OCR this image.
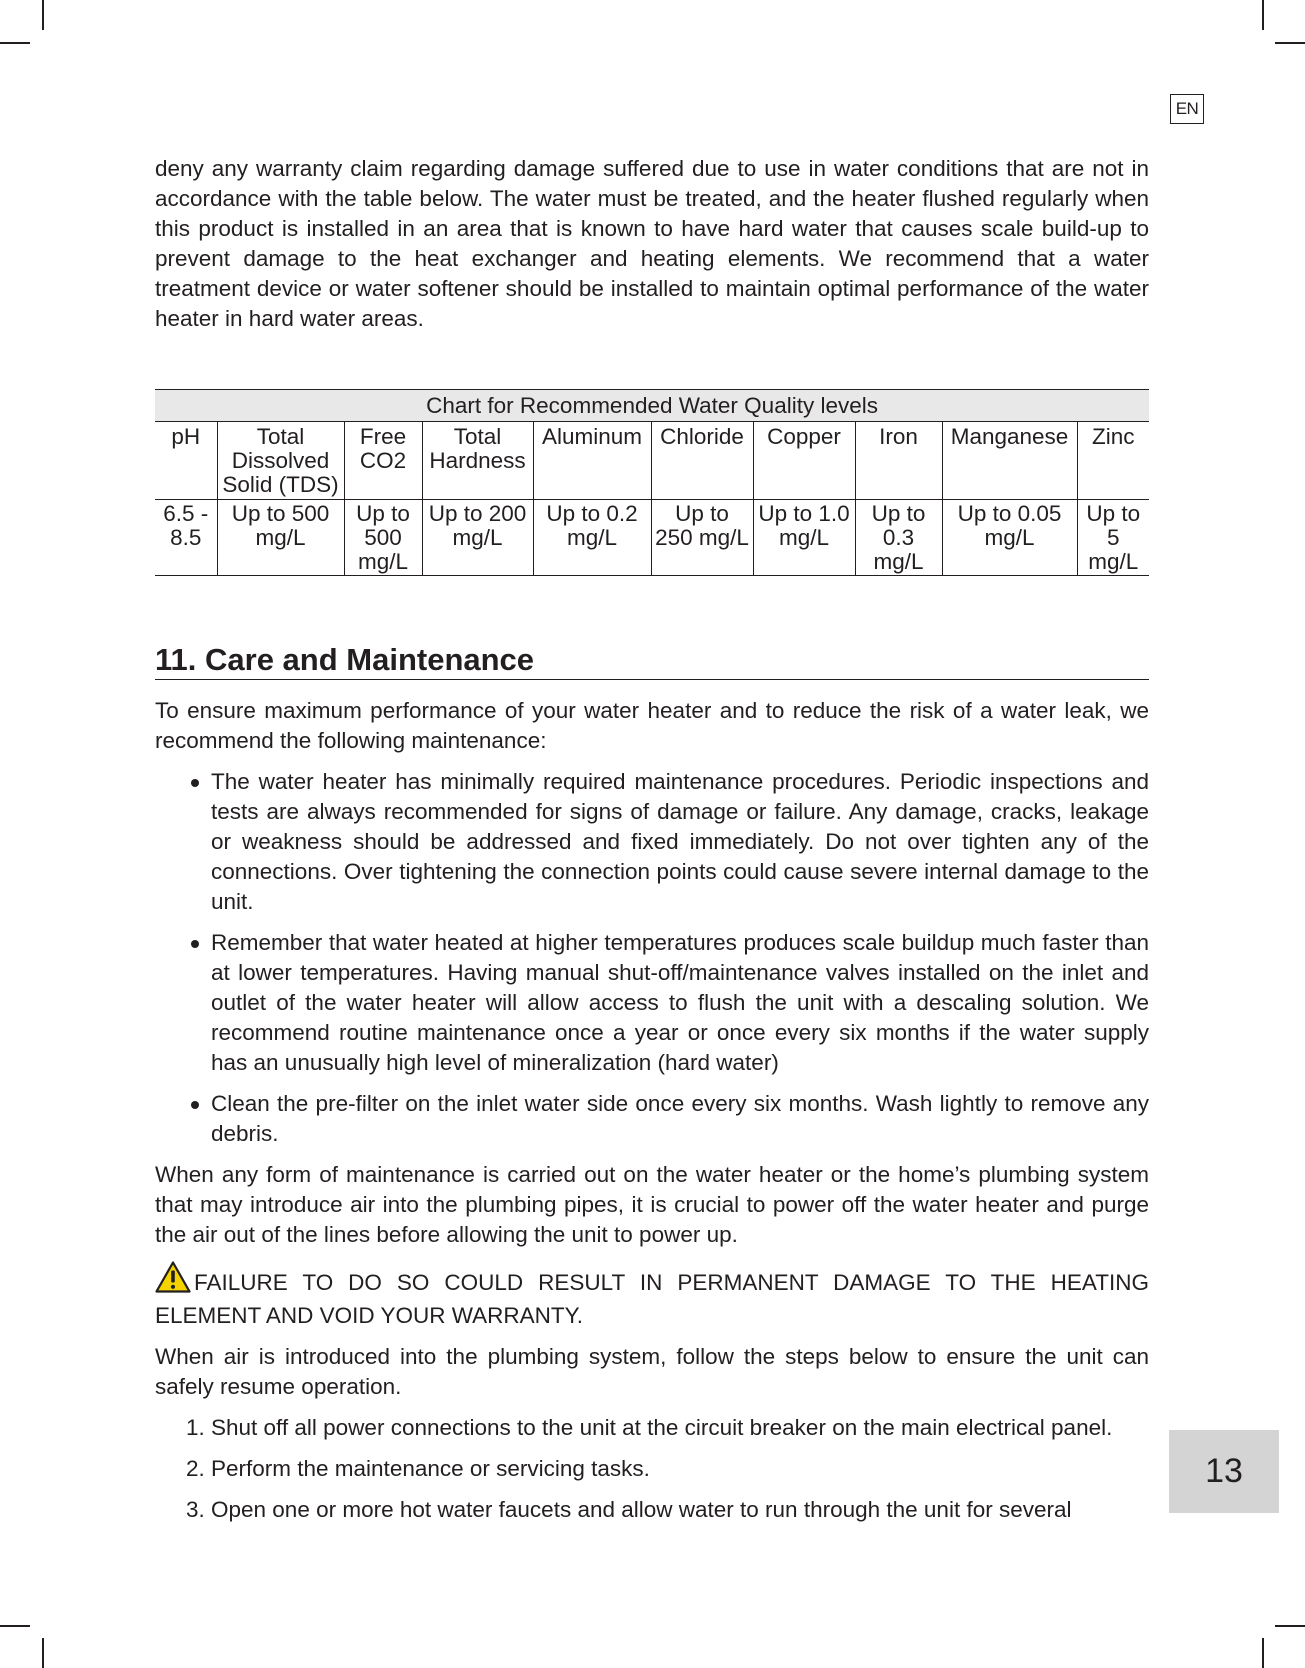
EN
13

deny any warranty claim regarding damage suffered due to use in water conditions that are not in accordance with the table below. The water must be treated, and the heater flushed regularly when this product is installed in an area that is known to have hard water that causes scale build-up to prevent damage to the heat exchanger and heating elements. We recommend that a water treatment device or water softener should be installed to maintain optimal performance of the water heater in hard water areas.

Chart for Recommended Water Quality levels									
pH	Total Dissolved Solid (TDS)	Free CO2	Total Hardness	Aluminum	Chloride	Copper	Iron	Manganese	Zinc
6.5 - 8.5	Up to 500 mg/L	Up to 500 mg/L	Up to 200 mg/L	Up to 0.2 mg/L	Up to 250 mg/L	Up to 1.0 mg/L	Up to 0.3 mg/L	Up to 0.05 mg/L	Up to 5 mg/L
11. Care and Maintenance

To ensure maximum performance of your water heater and to reduce the risk of a water leak, we recommend the following maintenance:

The water heater has minimally required maintenance procedures. Periodic inspections and tests are always recommended for signs of damage or failure. Any damage, cracks, leakage or weakness should be addressed and fixed immediately. Do not over tighten any of the connections. Over tightening the connection points could cause severe internal damage to the unit.
Remember that water heated at higher temperatures produces scale buildup much faster than at lower temperatures. Having manual shut-off/maintenance valves installed on the inlet and outlet of the water heater will allow access to flush the unit with a descaling solution. We recommend routine maintenance once a year or once every six months if the water supply has an unusually high level of mineralization (hard water)
Clean the pre-filter on the inlet water side once every six months. Wash lightly to remove any debris.

When any form of maintenance is carried out on the water heater or the home’s plumbing system that may introduce air into the plumbing pipes, it is crucial to power off the water heater and purge the air out of the lines before allowing the unit to power up.

FAILURE TO DO SO COULD RESULT IN PERMANENT DAMAGE TO THE HEATING ELEMENT AND VOID YOUR WARRANTY.

When air is introduced into the plumbing system, follow the steps below to ensure the unit can safely resume operation.

1. Shut off all power connections to the unit at the circuit breaker on the main electrical panel.
2. Perform the maintenance or servicing tasks.
3. Open one or more hot water faucets and allow water to run through the unit for several
